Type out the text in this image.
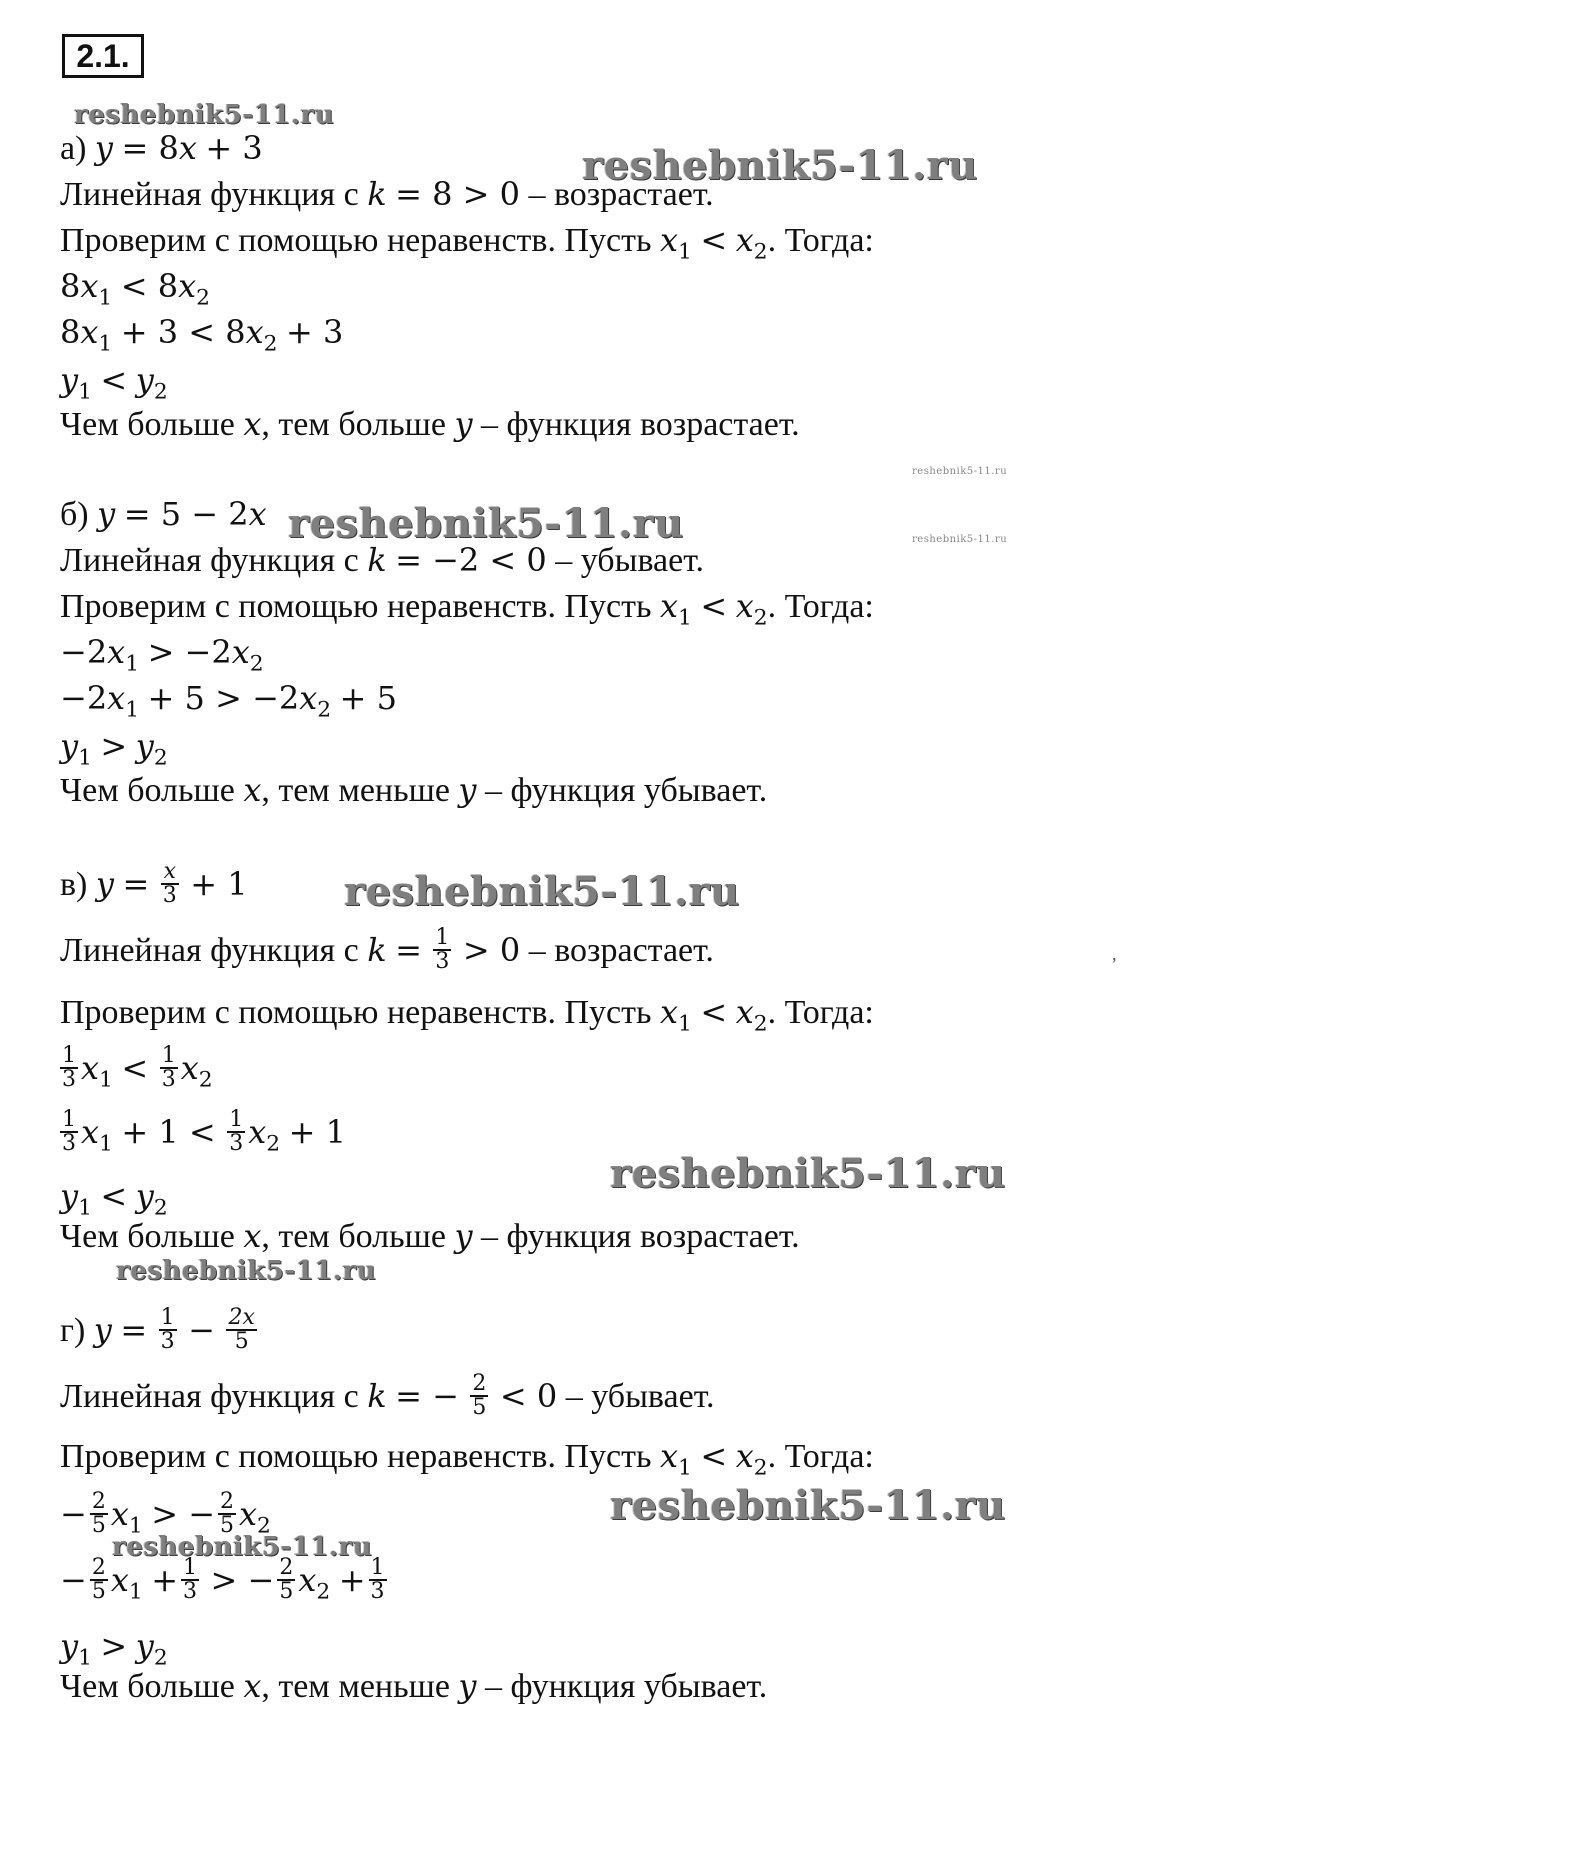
2.1.
reshebnik5-11.ru
reshebnik5-11.ru
reshebnik5-11.ru
reshebnik5-11.ru	reshebnik5-11.ru
reshebnik5-11.ru
reshebnik5-11.ru
reshebnik5-11.ru
reshebnik5-11.ru
reshebnik5-11.ru
,
а) y = 8x + 3
Линейная функция с k = 8 > 0 – возрастает.
Проверим с помощью неравенств. Пусть $x_1 < x_2$. Тогда:
$8x_1 < 8x_2$
$8x_1 + 3 < 8x_2 + 3$
$y_1 < y_2$
Чем больше x, тем больше y – функция возрастает.
б) y = 5 − 2x
Линейная функция с k = −2 < 0 – убывает.
Проверим с помощью неравенств. Пусть $x_1 < x_2$. Тогда:
$-2x_1 > -2x_2$
$-2x_1 + 5 > -2x_2 + 5$
$y_1 > y_2$
Чем больше x, тем меньше y – функция убывает.
в) $y = \frac{x}{3} + 1$
Линейная функция с $k = \frac{1}{3} > 0$ – возрастает.
Проверим с помощью неравенств. Пусть $x_1 < x_2$. Тогда:
$\frac{1}{3} x_1 < \frac{1}{3} x_2$
$\frac{1}{3} x_1 + 1 < \frac{1}{3} x_2 + 1$
$y_1 < y_2$
Чем больше x, тем больше y – функция возрастает.
г) $y = \frac{1}{3} - \frac{2x}{5}$
Линейная функция с k = − $\frac{2}{5} < 0$ – убывает.
Проверим с помощью неравенств. Пусть $x_1 < x_2$. Тогда:
− $\frac{2}{5} x_1$ > − $\frac{2}{5} x_2$
− $\frac{2}{5} x_1 + \frac{1}{3}$ > − $\frac{2}{5} x_2 + \frac{1}{3}$
$y_1 > y_2$
Чем больше x, тем меньше y – функция убывает.
